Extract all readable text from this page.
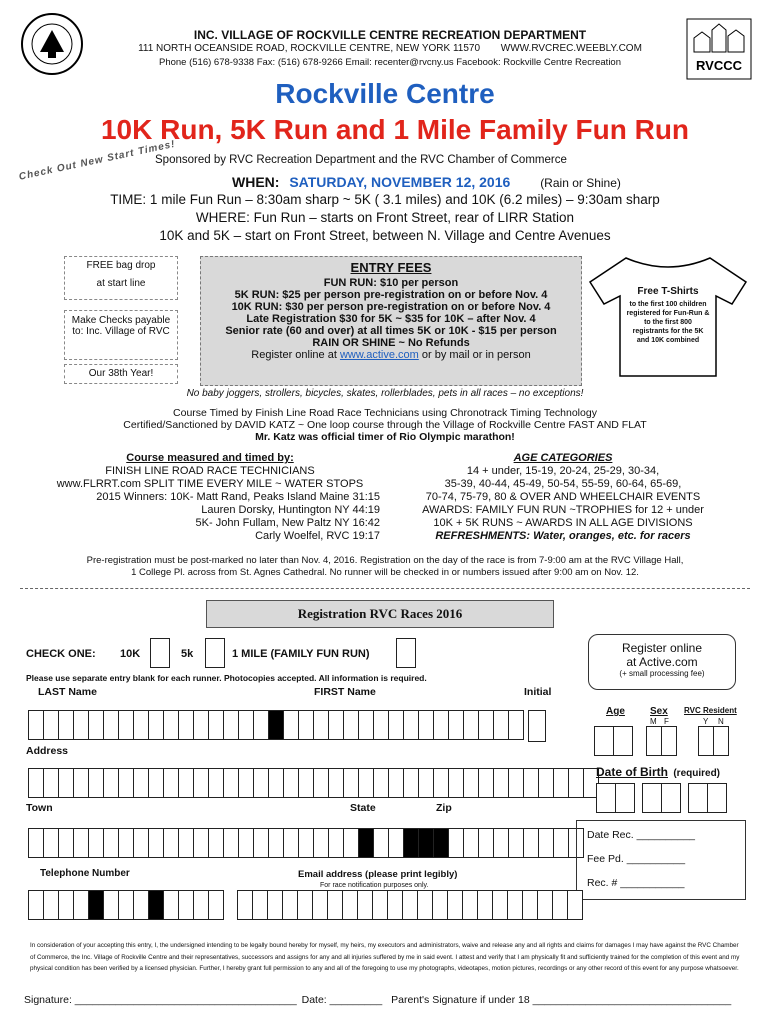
INC. VILLAGE OF ROCKVILLE CENTRE RECREATION DEPARTMENT
111 NORTH OCEANSIDE ROAD, ROCKVILLE CENTRE, NEW YORK 11570 WWW.RVCREC.WEEBLY.COM
Phone (516) 678-9338 Fax: (516) 678-9266 Email: recenter@rvcny.us Facebook: Rockville Centre Recreation	RVCCC
Rockville Centre
10K Run, 5K Run and 1 Mile Family Fun Run
Sponsored by RVC Recreation Department and the RVC Chamber of Commerce
Check Out New Start Times!	WHEN: SATURDAY, NOVEMBER 12, 2016 (Rain or Shine)
TIME: 1 mile Fun Run – 8:30am sharp ~ 5K ( 3.1 miles) and 10K (6.2 miles) – 9:30am sharp
WHERE: Fun Run – starts on Front Street, rear of LIRR Station
10K and 5K – start on Front Street, between N. Village and Centre Avenues
FREE bag drop
at start line
Make Checks payable to: Inc. Village of RVC
Our 38th Year!
ENTRY FEES
FUN RUN: $10 per person
5K RUN: $25 per person pre-registration on or before Nov. 4
10K RUN: $30 per person pre-registration on or before Nov. 4
Late Registration $30 for 5K ~ $35 for 10K – after Nov. 4
Senior rate (60 and over) at all times 5K or 10K - $15 per person
RAIN OR SHINE ~ No Refunds
Register online at www.active.com or by mail or in person
Free T-Shirts
to the first 100 children registered for Fun-Run & to the first 800 registrants for the 5K and 10K combined
No baby joggers, strollers, bicycles, skates, rollerblades, pets in all races – no exceptions!
Course Timed by Finish Line Road Race Technicians using Chronotrack Timing Technology
Certified/Sanctioned by DAVID KATZ ~ One loop course through the Village of Rockville Centre FAST AND FLAT
Mr. Katz was official timer of Rio Olympic marathon!
Course measured and timed by:
FINISH LINE ROAD RACE TECHNICIANS
www.FLRRT.com SPLIT TIME EVERY MILE ~ WATER STOPS
2015 Winners: 10K- Matt Rand, Peaks Island Maine 31:15
Lauren Dorsky, Huntington NY 44:19
5K- John Fullam, New Paltz NY 16:42
Carly Woelfel, RVC 19:17
AGE CATEGORIES
14 + under, 15-19, 20-24, 25-29, 30-34,
35-39, 40-44, 45-49, 50-54, 55-59, 60-64, 65-69,
70-74, 75-79, 80 & OVER AND WHEELCHAIR EVENTS
AWARDS: FAMILY FUN RUN ~TROPHIES for 12 + under
10K + 5K RUNS ~ AWARDS IN ALL AGE DIVISIONS
REFRESHMENTS: Water, oranges, etc. for racers
Pre-registration must be post-marked no later than Nov. 4, 2016. Registration on the day of the race is from 7-9:00 am at the RVC Village Hall,
1 College Pl. across from St. Agnes Cathedral. No runner will be checked in or numbers issued after 9:00 am on Nov. 12.
Registration RVC Races 2016
CHECK ONE: 10K	5k	1 MILE (FAMILY FUN RUN)	Register online
at Active.com
(+ small processing fee)
Please use separate entry blank for each runner. Photocopies accepted. All information is required.
LAST Name	FIRST Name	Initial
Age	Sex RVC Resident
M F	Y N
Address
Date of Birth (required)
Town	State	Zip
Date Rec. __________
Fee Pd. __________
Rec. # ___________
Telephone Number	Email address (please print legibly)
For race notification purposes only.
In consideration of your accepting this entry, I, the undersigned intending to be legally bound hereby for myself, my heirs, my executors and administrators, waive and release any and all rights and claims for damages I may have against the RVC Chamber of Commerce, the Inc. Village of Rockville Centre and their representatives, successors and assigns for any and all injuries suffered by me in said event. I attest and verify that I am physically fit and sufficiently trained for the completion of this event and my physical condition has been verified by a licensed physician. Further, I hereby grant full permission to any and all of the foregoing to use my photographs, videotapes, motion pictures, recordings or any other record of this event for any purpose whatsoever.
Signature: ______________________________________ Date: _________ Parent's Signature if under 18 __________________________________
